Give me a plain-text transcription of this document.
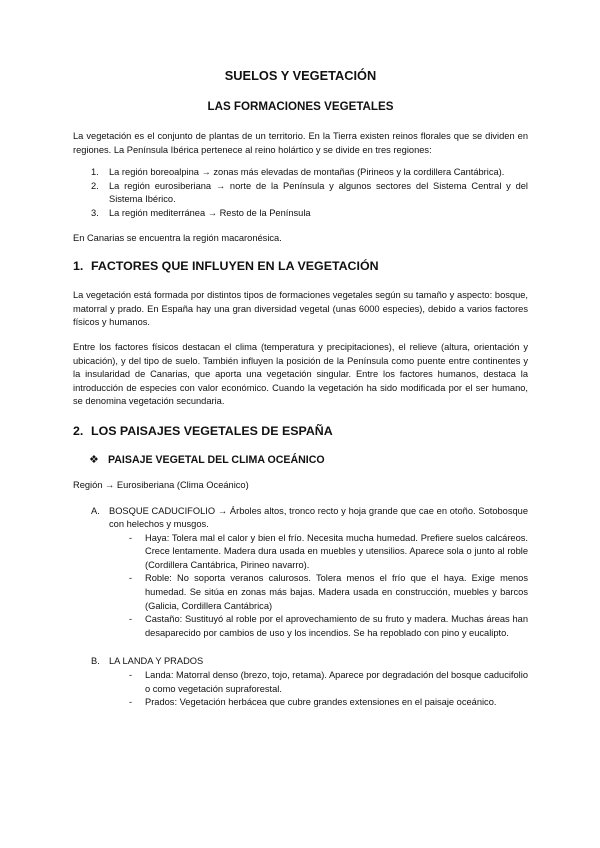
SUELOS Y VEGETACIÓN
LAS FORMACIONES VEGETALES

La vegetación es el conjunto de plantas de un territorio. En la Tierra existen reinos florales que se dividen en regiones. La Península Ibérica pertenece al reino holártico y se divide en tres regiones:

1. La región boreoalpina → zonas más elevadas de montañas (Pirineos y la cordillera Cantábrica).
2. La región eurosiberiana → norte de la Península y algunos sectores del Sistema Central y del Sistema Ibérico.
3. La región mediterránea → Resto de la Península

En Canarias se encuentra la región macaronésica.

1. FACTORES QUE INFLUYEN EN LA VEGETACIÓN

La vegetación está formada por distintos tipos de formaciones vegetales según su tamaño y aspecto: bosque, matorral y prado. En España hay una gran diversidad vegetal (unas 6000 especies), debido a varios factores físicos y humanos.

Entre los factores físicos destacan el clima (temperatura y precipitaciones), el relieve (altura, orientación y ubicación), y del tipo de suelo. También influyen la posición de la Península como puente entre continentes y la insularidad de Canarias, que aporta una vegetación singular. Entre los factores humanos, destaca la introducción de especies con valor económico. Cuando la vegetación ha sido modificada por el ser humano, se denomina vegetación secundaria.

2. LOS PAISAJES VEGETALES DE ESPAÑA
❖ PAISAJE VEGETAL DEL CLIMA OCEÁNICO

Región → Eurosiberiana (Clima Oceánico)

A. BOSQUE CADUCIFOLIO → Árboles altos, tronco recto y hoja grande que cae en otoño. Sotobosque con helechos y musgos.
- Haya: Tolera mal el calor y bien el frío. Necesita mucha humedad. Prefiere suelos calcáreos. Crece lentamente. Madera dura usada en muebles y utensilios. Aparece sola o junto al roble (Cordillera Cantábrica, Pirineo navarro).
- Roble: No soporta veranos calurosos. Tolera menos el frío que el haya. Exige menos humedad. Se sitúa en zonas más bajas. Madera usada en construcción, muebles y barcos (Galicia, Cordillera Cantábrica)
- Castaño: Sustituyó al roble por el aprovechamiento de su fruto y madera. Muchas áreas han desaparecido por cambios de uso y los incendios. Se ha repoblado con pino y eucalipto.
B. LA LANDA Y PRADOS
- Landa: Matorral denso (brezo, tojo, retama). Aparece por degradación del bosque caducifolio o como vegetación supraforestal.
- Prados: Vegetación herbácea que cubre grandes extensiones en el paisaje oceánico.
